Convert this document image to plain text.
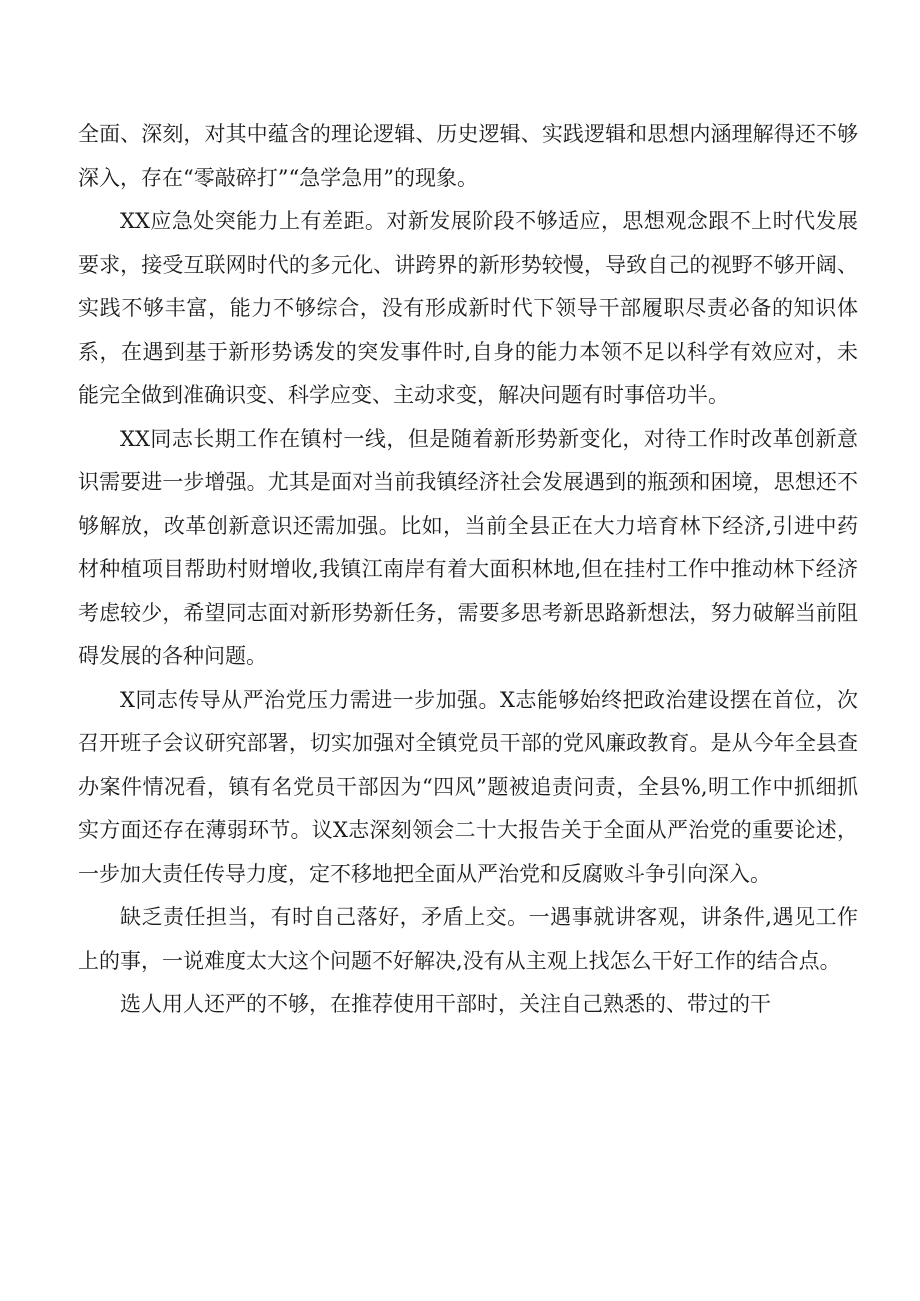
全面、深刻，对其中蕴含的理论逻辑、历史逻辑、实践逻辑和思想内涵理解得还不够深入，存在“零敲碎打”“急学急用”的现象。

XX应急处突能力上有差距。对新发展阶段不够适应，思想观念跟不上时代发展要求，接受互联网时代的多元化、讲跨界的新形势较慢，导致自己的视野不够开阔、实践不够丰富，能力不够综合，没有形成新时代下领导干部履职尽责必备的知识体系，在遇到基于新形势诱发的突发事件时,自身的能力本领不足以科学有效应对，未能完全做到准确识变、科学应变、主动求变，解决问题有时事倍功半。

XX同志长期工作在镇村一线，但是随着新形势新变化，对待工作时改革创新意识需要进一步增强。尤其是面对当前我镇经济社会发展遇到的瓶颈和困境，思想还不够解放，改革创新意识还需加强。比如，当前全县正在大力培育林下经济,引进中药材种植项目帮助村财增收,我镇江南岸有着大面积林地,但在挂村工作中推动林下经济考虑较少，希望同志面对新形势新任务，需要多思考新思路新想法，努力破解当前阻碍发展的各种问题。

X同志传导从严治党压力需进一步加强。X志能够始终把政治建设摆在首位，次召开班子会议研究部署，切实加强对全镇党员干部的党风廉政教育。是从今年全县查办案件情况看，镇有名党员干部因为“四风”题被追责问责，全县%,明工作中抓细抓实方面还存在薄弱环节。议X志深刻领会二十大报告关于全面从严治党的重要论述，一步加大责任传导力度，定不移地把全面从严治党和反腐败斗争引向深入。

缺乏责任担当，有时自己落好，矛盾上交。一遇事就讲客观，讲条件,遇见工作上的事，一说难度太大这个问题不好解决,没有从主观上找怎么干好工作的结合点。

选人用人还严的不够，在推荐使用干部时，关注自己熟悉的、带过的干
